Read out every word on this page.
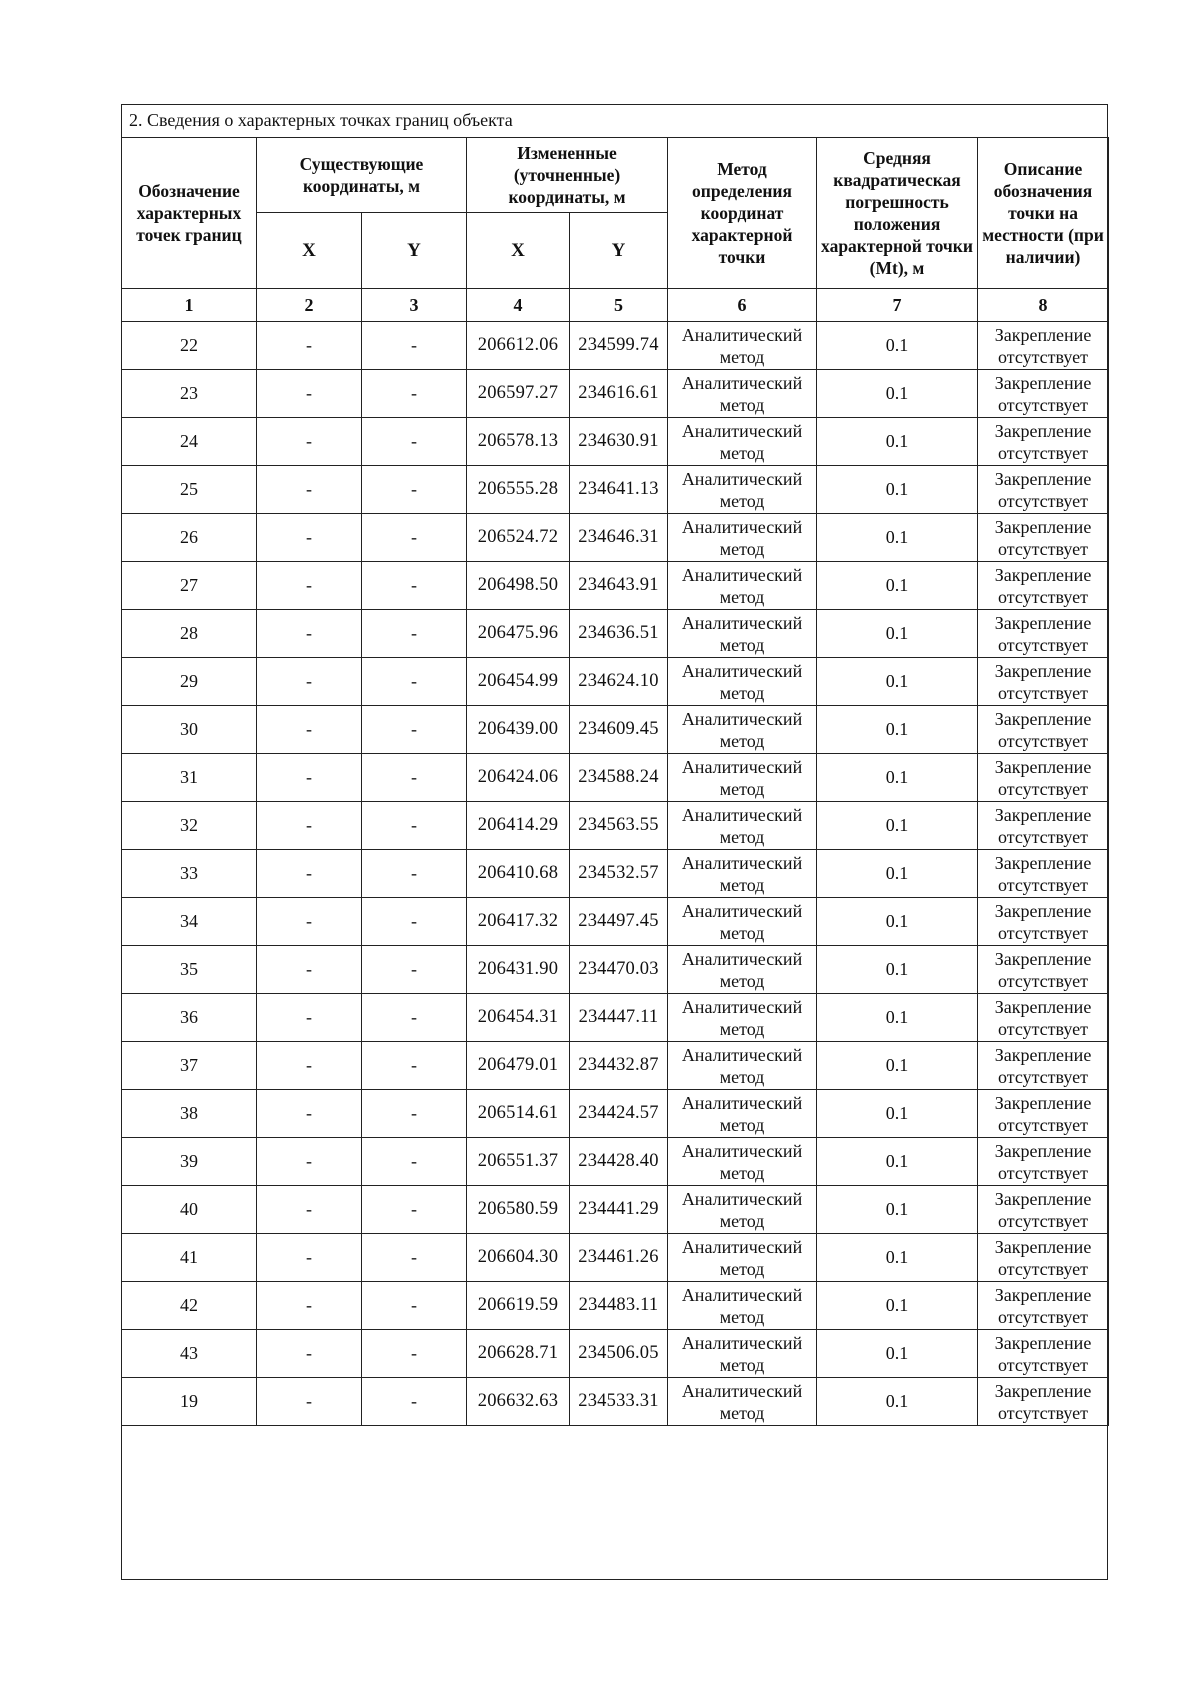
2. Сведения о характерных точках границ объекта
Обозначение характерных точек границ	Существующие координаты, м		Измененные (уточненные) координаты, м		Метод определения координат характерной точки	Средняя квадратическая погрешность положения характерной точки (Mt), м	Описание обозначения точки на местности (при наличии)
	X	Y	X	Y			
1	2	3	4	5	6	7	8
22	-	-	206612.06	234599.74	Аналитический метод	0.1	Закрепление отсутствует
23	-	-	206597.27	234616.61	Аналитический метод	0.1	Закрепление отсутствует
24	-	-	206578.13	234630.91	Аналитический метод	0.1	Закрепление отсутствует
25	-	-	206555.28	234641.13	Аналитический метод	0.1	Закрепление отсутствует
26	-	-	206524.72	234646.31	Аналитический метод	0.1	Закрепление отсутствует
27	-	-	206498.50	234643.91	Аналитический метод	0.1	Закрепление отсутствует
28	-	-	206475.96	234636.51	Аналитический метод	0.1	Закрепление отсутствует
29	-	-	206454.99	234624.10	Аналитический метод	0.1	Закрепление отсутствует
30	-	-	206439.00	234609.45	Аналитический метод	0.1	Закрепление отсутствует
31	-	-	206424.06	234588.24	Аналитический метод	0.1	Закрепление отсутствует
32	-	-	206414.29	234563.55	Аналитический метод	0.1	Закрепление отсутствует
33	-	-	206410.68	234532.57	Аналитический метод	0.1	Закрепление отсутствует
34	-	-	206417.32	234497.45	Аналитический метод	0.1	Закрепление отсутствует
35	-	-	206431.90	234470.03	Аналитический метод	0.1	Закрепление отсутствует
36	-	-	206454.31	234447.11	Аналитический метод	0.1	Закрепление отсутствует
37	-	-	206479.01	234432.87	Аналитический метод	0.1	Закрепление отсутствует
38	-	-	206514.61	234424.57	Аналитический метод	0.1	Закрепление отсутствует
39	-	-	206551.37	234428.40	Аналитический метод	0.1	Закрепление отсутствует
40	-	-	206580.59	234441.29	Аналитический метод	0.1	Закрепление отсутствует
41	-	-	206604.30	234461.26	Аналитический метод	0.1	Закрепление отсутствует
42	-	-	206619.59	234483.11	Аналитический метод	0.1	Закрепление отсутствует
43	-	-	206628.71	234506.05	Аналитический метод	0.1	Закрепление отсутствует
19	-	-	206632.63	234533.31	Аналитический метод	0.1	Закрепление отсутствует
